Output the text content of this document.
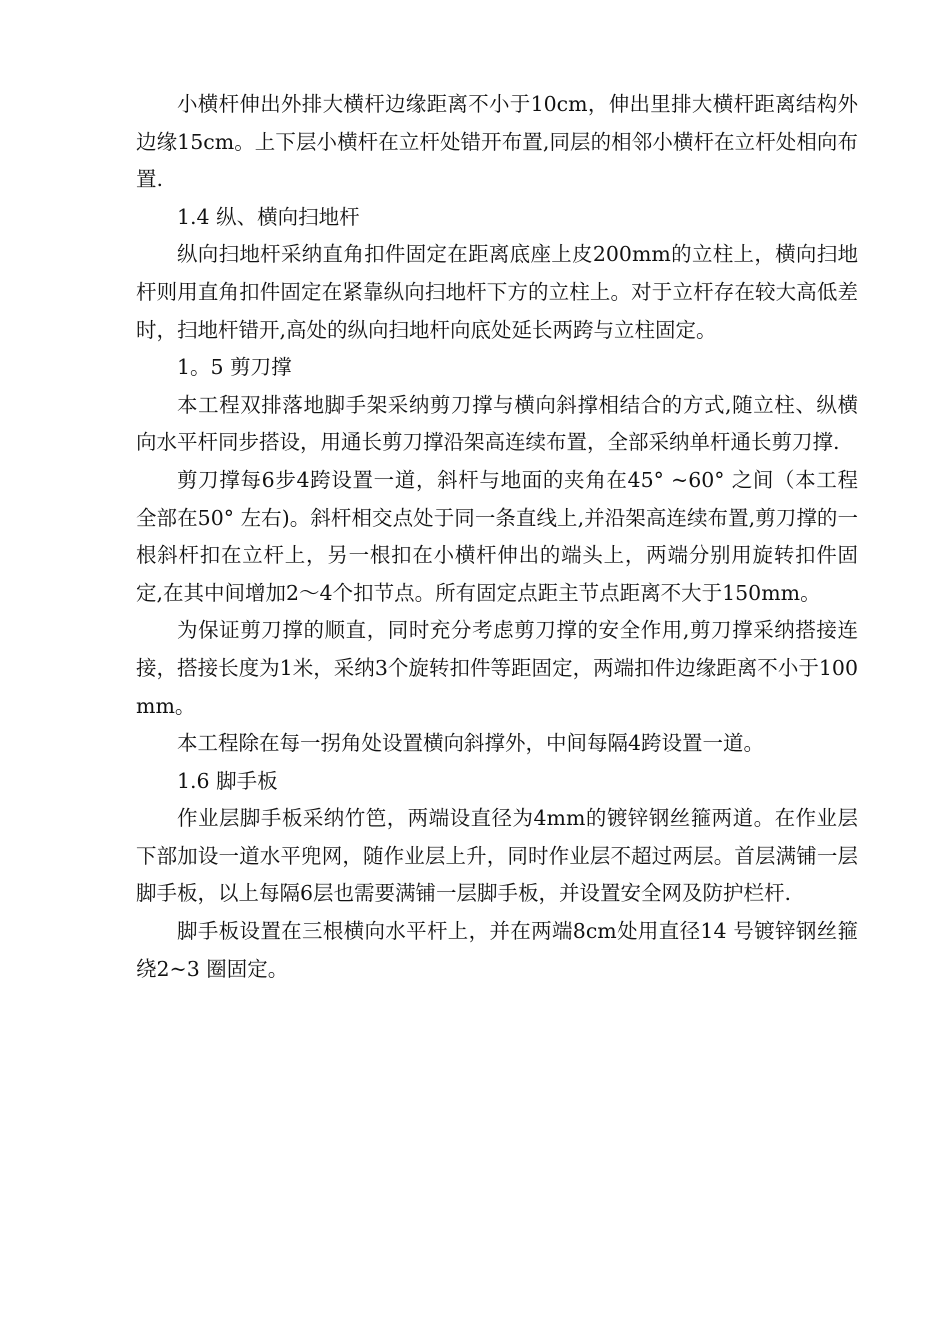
小横杆伸出外排大横杆边缘距离不小于10cm，伸出里排大横杆距离结构外边缘15cm。上下层小横杆在立杆处错开布置,同层的相邻小横杆在立杆处相向布置.

1.4 纵、横向扫地杆

纵向扫地杆采纳直角扣件固定在距离底座上皮200mm的立柱上，横向扫地杆则用直角扣件固定在紧靠纵向扫地杆下方的立柱上。对于立杆存在较大高低差时，扫地杆错开,高处的纵向扫地杆向底处延长两跨与立柱固定。

1。5 剪刀撑

本工程双排落地脚手架采纳剪刀撑与横向斜撑相结合的方式,随立柱、纵横向水平杆同步搭设，用通长剪刀撑沿架高连续布置，全部采纳单杆通长剪刀撑.

剪刀撑每6步4跨设置一道，斜杆与地面的夹角在45° ~60° 之间（本工程全部在50° 左右)。斜杆相交点处于同一条直线上,并沿架高连续布置,剪刀撑的一根斜杆扣在立杆上，另一根扣在小横杆伸出的端头上，两端分别用旋转扣件固定,在其中间增加2～4个扣节点。所有固定点距主节点距离不大于150mm。

为保证剪刀撑的顺直，同时充分考虑剪刀撑的安全作用,剪刀撑采纳搭接连接，搭接长度为1米，采纳3个旋转扣件等距固定，两端扣件边缘距离不小于100mm。

本工程除在每一拐角处设置横向斜撑外，中间每隔4跨设置一道。

1.6 脚手板

作业层脚手板采纳竹笆，两端设直径为4mm的镀锌钢丝箍两道。在作业层下部加设一道水平兜网，随作业层上升，同时作业层不超过两层。首层满铺一层脚手板，以上每隔6层也需要满铺一层脚手板，并设置安全网及防护栏杆.

脚手板设置在三根横向水平杆上，并在两端8cm处用直径14 号镀锌钢丝箍绕2~3 圈固定。
